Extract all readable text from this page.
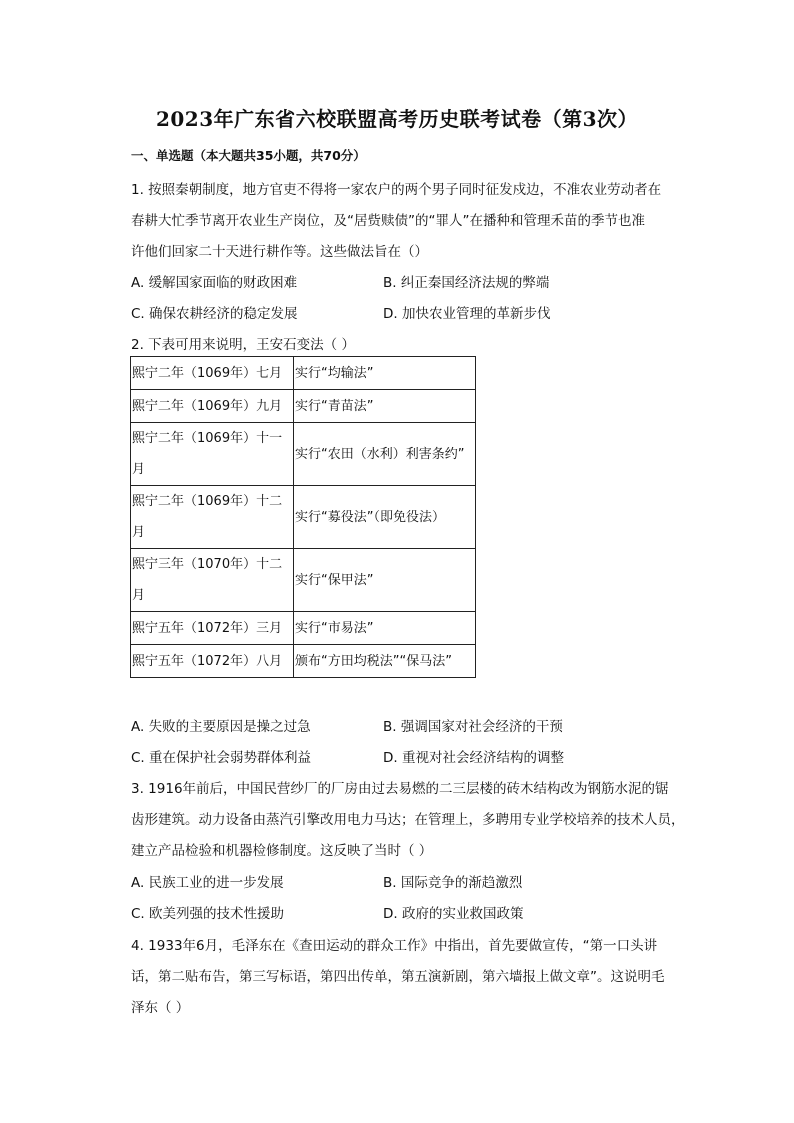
2023年广东省六校联盟高考历史联考试卷（第3次）
一、单选题（本大题共35小题，共70分）
1. 按照秦朝制度，地方官吏不得将一家农户的两个男子同时征发戍边，不准农业劳动者在
春耕大忙季节离开农业生产岗位，及“居赀赎债”的“罪人”在播种和管理禾苗的季节也准
许他们回家二十天进行耕作等。这些做法旨在（）
A. 缓解国家面临的财政困难	B. 纠正秦国经济法规的弊端
C. 确保农耕经济的稳定发展	D. 加快农业管理的革新步伐
2. 下表可用来说明，王安石变法（ ）
熙宁二年（1069年）七月	实行“均输法”
熙宁二年（1069年）九月	实行“青苗法”
熙宁二年（1069年）十一
月	实行“农田（水利）利害条约”
熙宁二年（1069年）十二
月	实行“募役法”（即免役法）
熙宁三年（1070年）十二
月	实行“保甲法”
熙宁五年（1072年）三月	实行“市易法”
熙宁五年（1072年）八月	颁布“方田均税法”“保马法”
A. 失败的主要原因是操之过急	B. 强调国家对社会经济的干预
C. 重在保护社会弱势群体利益	D. 重视对社会经济结构的调整
3. 1916年前后，中国民营纱厂的厂房由过去易燃的二三层楼的砖木结构改为钢筋水泥的锯
齿形建筑。动力设备由蒸汽引擎改用电力马达；在管理上，多聘用专业学校培养的技术人员，
建立产品检验和机器检修制度。这反映了当时（ ）
A. 民族工业的进一步发展	B. 国际竞争的渐趋激烈
C. 欧美列强的技术性援助	D. 政府的实业救国政策
4. 1933年6月，毛泽东在《查田运动的群众工作》中指出，首先要做宣传，“第一口头讲
话，第二贴布告，第三写标语，第四出传单，第五演新剧，第六墙报上做文章”。这说明毛
泽东（ ）
